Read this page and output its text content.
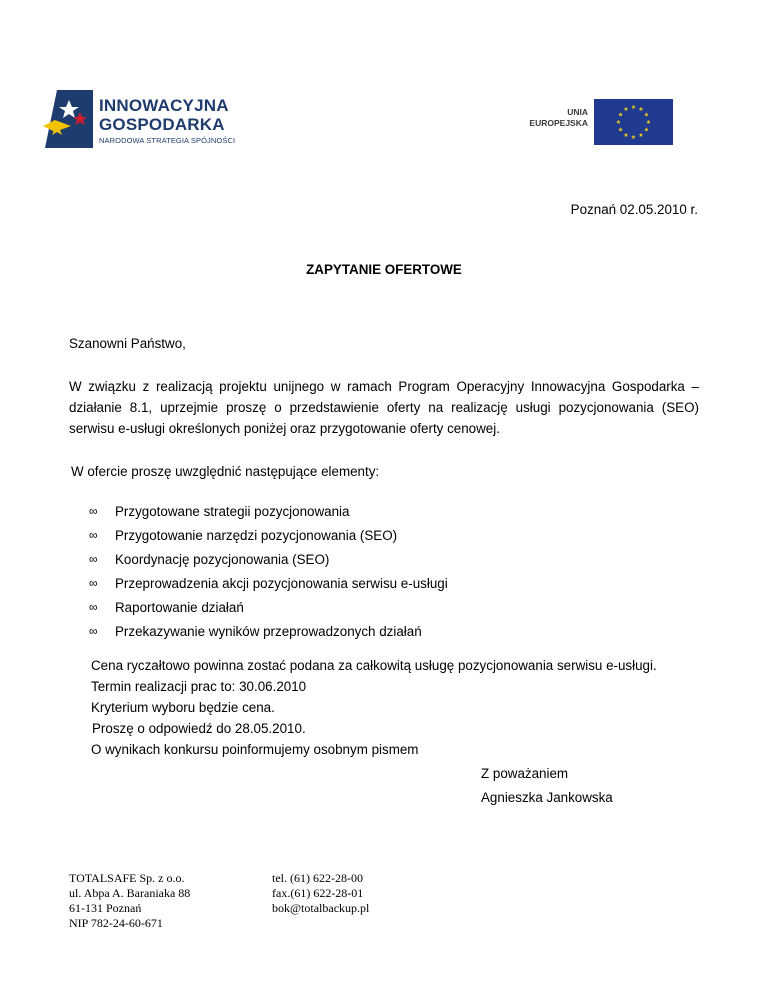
INNOWACYJNA
GOSPODARKA
NARODOWA STRATEGIA SPÓJNOŚCI
UNIA
EUROPEJSKA
★ ★
★
★
★
★
★
★
★
★
★
★
Poznań 02.05.2010 r.
ZAPYTANIE OFERTOWE
Szanowni Państwo,
W związku z realizacją projektu unijnego w ramach Program Operacyjny Innowacyjna Gospodarka – działanie 8.1, uprzejmie proszę o przedstawienie oferty na realizację usługi pozycjonowania (SEO) serwisu e-usługi określonych poniżej oraz przygotowanie oferty cenowej.
W ofercie proszę uwzględnić następujące elementy:
∞ Przygotowane strategii pozycjonowania
∞ Przygotowanie narzędzi pozycjonowania (SEO)
∞ Koordynację pozycjonowania (SEO)
∞ Przeprowadzenia akcji pozycjonowania serwisu e-usługi
∞ Raportowanie działań
∞ Przekazywanie wyników przeprowadzonych działań
Cena ryczałtowo powinna zostać podana za całkowitą usługę pozycjonowania serwisu e-usługi.
Termin realizacji prac to: 30.06.2010
Kryterium wyboru będzie cena.
Proszę o odpowiedź do 28.05.2010.
O wynikach konkursu poinformujemy osobnym pismem
Z poważaniem
Agnieszka Jankowska
TOTALSAFE Sp. z o.o.
ul. Abpa A. Baraniaka 88
61-131 Poznań
NIP 782-24-60-671
tel. (61) 622-28-00
fax.(61) 622-28-01
bok@totalbackup.pl
